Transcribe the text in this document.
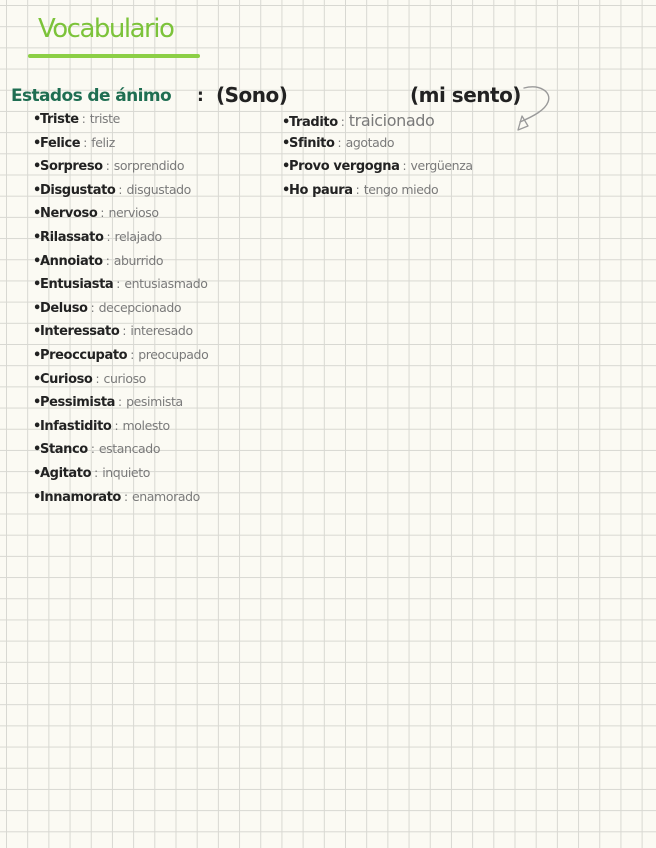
Vocabulario
Estados de ánimo : (Sono)	(mi sento)
•
Triste : triste
•
Felice : feliz
•
Sorpreso : sorprendido
•
Disgustato : disgustado
•
Nervoso : nervioso
•
Rilassato : relajado
•
Annoiato : aburrido
•
Entusiasta : entusiasmado
•
Deluso : decepcionado
•
Interessato : interesado
•
Preoccupato : preocupado
•
Curioso : curioso
•
Pessimista : pesimista
•
Infastidito : molesto
•
Stanco : estancado
•
Agitato : inquieto
•
Innamorato : enamorado
•
Tradito : traicionado
•
Sfinito : agotado
•
Provo vergogna : vergüenza
•
Ho paura : tengo miedo
